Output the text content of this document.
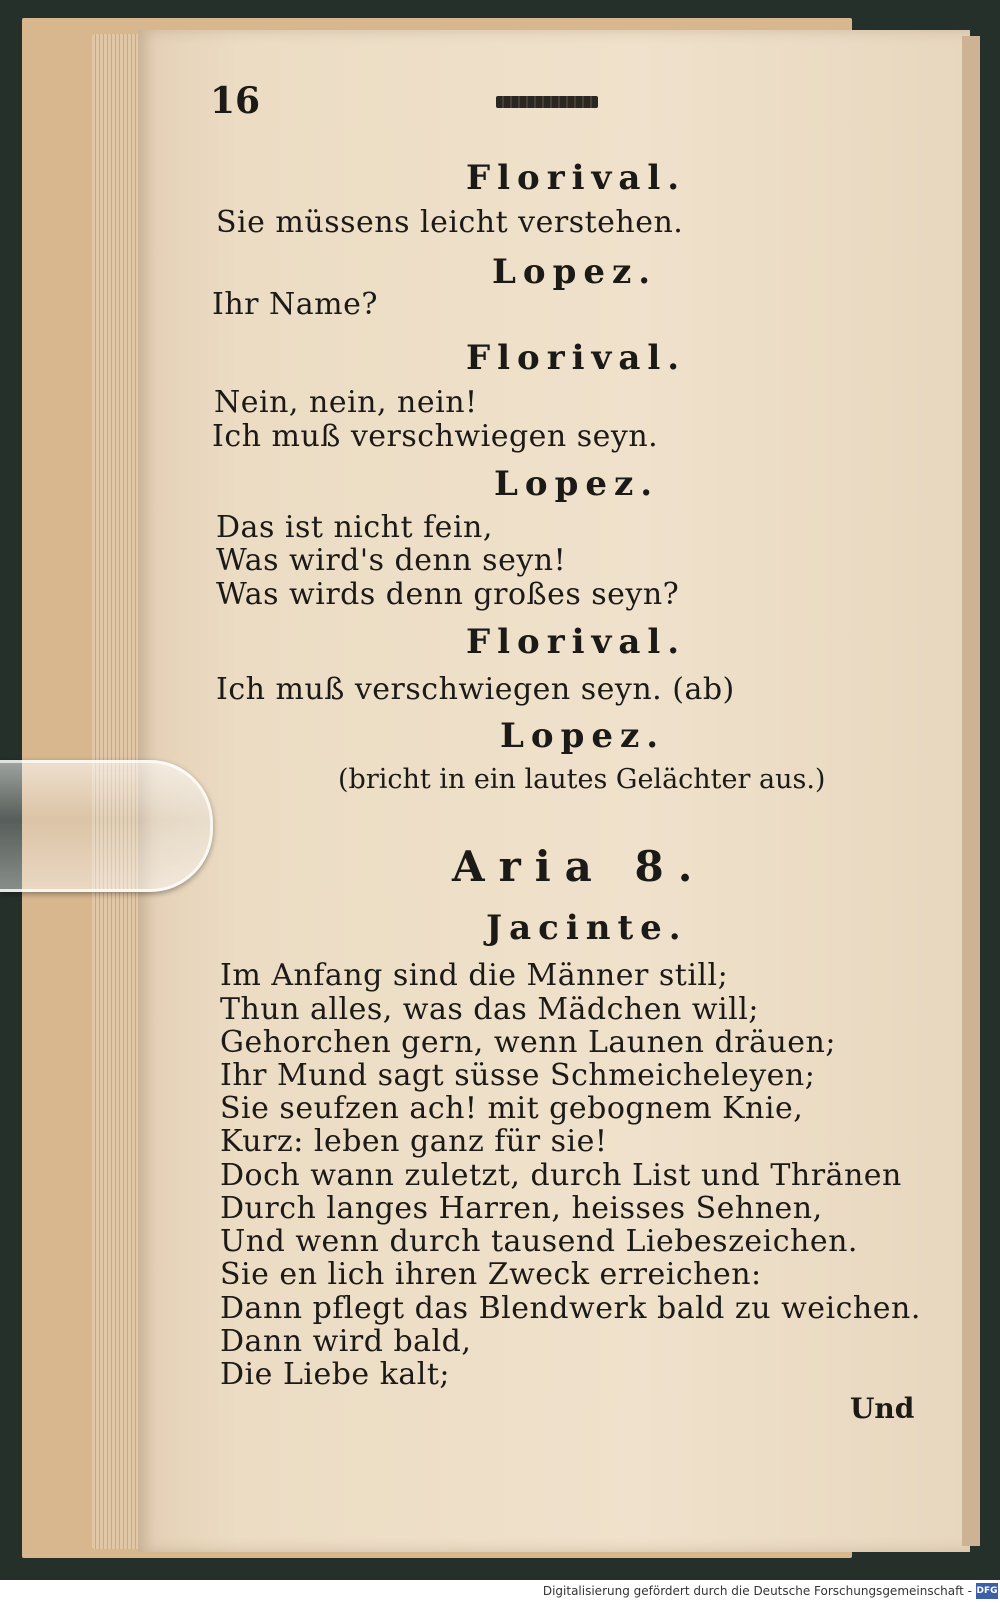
16
Florival.
Sie müssens leicht verstehen.
Lopez.
Ihr Name?
Florival.
Nein, nein, nein!
Ich muß verschwiegen seyn.
Lopez.
Das ist nicht fein,
Was wird's denn seyn!
Was wirds denn großes seyn?
Florival.
Ich muß verschwiegen seyn. (ab)
Lopez.
(bricht in ein lautes Gelächter aus.)
Aria 8.
Jacinte.
Im Anfang sind die Männer still;
Thun alles, was das Mädchen will;
Gehorchen gern, wenn Launen dräuen;
Ihr Mund sagt süsse Schmeicheleyen;
Sie seufzen ach! mit gebognem Knie,
Kurz: leben ganz für sie!
Doch wann zuletzt, durch List und Thränen
Durch langes Harren, heisses Sehnen,
Und wenn durch tausend Liebeszeichen.
Sie en lich ihren Zweck erreichen:
Dann pflegt das Blendwerk bald zu weichen.
Dann wird bald,
Die Liebe kalt;
Und
Digitalisierung gefördert durch die Deutsche Forschungsgemeinschaft - DFG
